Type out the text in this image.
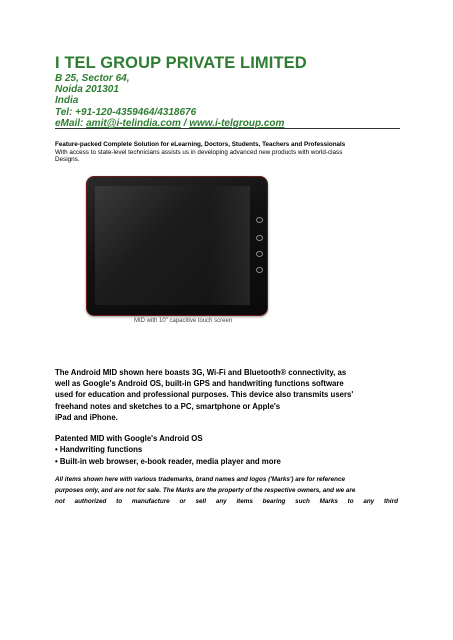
I TEL GROUP PRIVATE LIMITED
B 25, Sector 64,
Noida 201301
India
Tel: +91-120-4359464/4318676
eMail: amit@i-telindia.com / www.i-telgroup.com
Feature-packed Complete Solution for eLearning, Doctors, Students, Teachers and Professionals
With access to state-level technicians assists us in developing advanced new products with world-class
Designs.
MID with 10" capacitive touch screen
The Android MID shown here boasts 3G, Wi-Fi and Bluetooth® connectivity, as
well as Google's Android OS, built-in GPS and handwriting functions software
used for education and professional purposes. This device also transmits users'
freehand notes and sketches to a PC, smartphone or Apple's
iPad and iPhone.
Patented MID with Google's Android OS
• Handwriting functions
• Built-in web browser, e-book reader, media player and more
All items shown here with various trademarks, brand names and logos ('Marks') are for reference
purposes only, and are not for sale. The Marks are the property of the respective owners, and we are
not authorized to manufacture or sell any items bearing such Marks to any third
